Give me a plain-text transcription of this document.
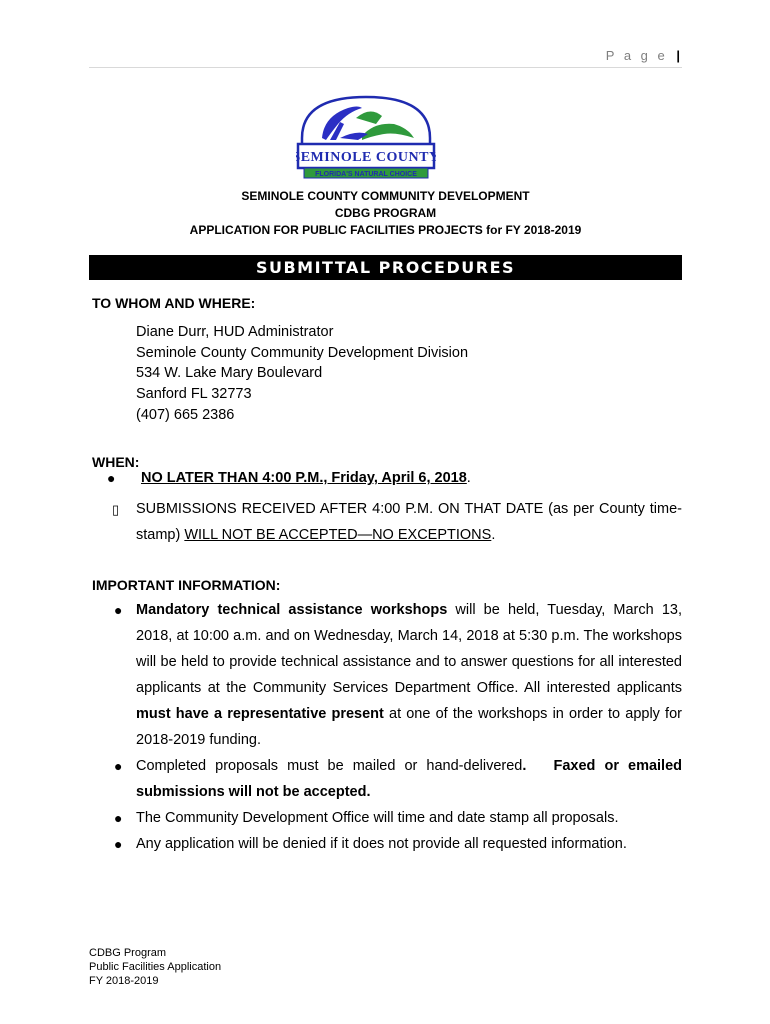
P a g e |
SEMINOLE COUNTY
FLORIDA'S NATURAL CHOICE
SEMINOLE COUNTY COMMUNITY DEVELOPMENT
CDBG PROGRAM
APPLICATION FOR PUBLIC FACILITIES PROJECTS for FY 2018-2019
SUBMITTAL PROCEDURES
TO WHOM AND WHERE:
Diane Durr, HUD Administrator
Seminole County Community Development Division
534 W. Lake Mary Boulevard
Sanford FL 32773
(407) 665 2386
WHEN:
● NO LATER THAN 4:00 P.M., Friday, April 6, 2018.
▯ SUBMISSIONS RECEIVED AFTER 4:00 P.M. ON THAT DATE (as per County time-stamp) WILL NOT BE ACCEPTED—NO EXCEPTIONS.
IMPORTANT INFORMATION:
● Mandatory technical assistance workshops will be held, Tuesday, March 13, 2018, at 10:00 a.m. and on Wednesday, March 14, 2018 at 5:30 p.m. The workshops will be held to provide technical assistance and to answer questions for all interested applicants at the Community Services Department Office. All interested applicants must have a representative present at one of the workshops in order to apply for 2018-2019 funding.
● Completed proposals must be mailed or hand-delivered.   Faxed or emailed submissions will not be accepted.
● The Community Development Office will time and date stamp all proposals.
● Any application will be denied if it does not provide all requested information.
CDBG Program
Public Facilities Application
FY 2018-2019
